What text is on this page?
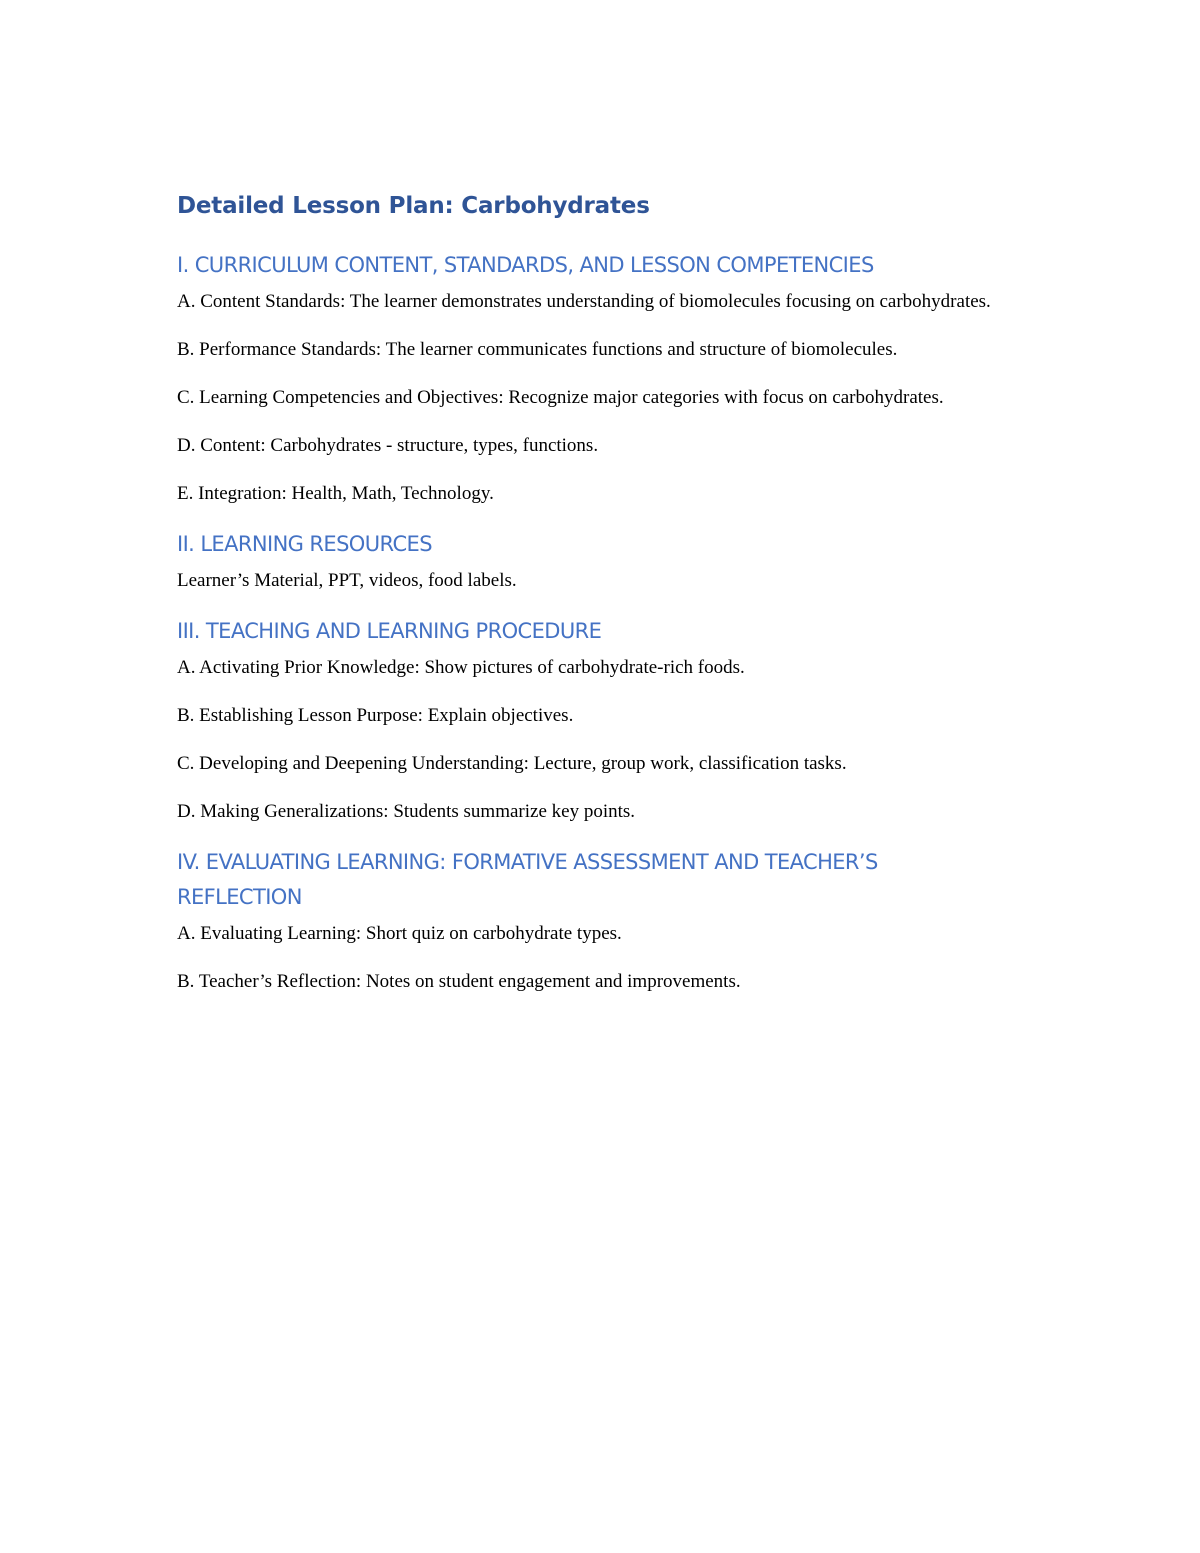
Detailed Lesson Plan: Carbohydrates
I. CURRICULUM CONTENT, STANDARDS, AND LESSON COMPETENCIES

A. Content Standards: The learner demonstrates understanding of biomolecules focusing on carbohydrates.

B. Performance Standards: The learner communicates functions and structure of biomolecules.

C. Learning Competencies and Objectives: Recognize major categories with focus on carbohydrates.

D. Content: Carbohydrates - structure, types, functions.

E. Integration: Health, Math, Technology.

II. LEARNING RESOURCES

Learner’s Material, PPT, videos, food labels.

III. TEACHING AND LEARNING PROCEDURE

A. Activating Prior Knowledge: Show pictures of carbohydrate-rich foods.

B. Establishing Lesson Purpose: Explain objectives.

C. Developing and Deepening Understanding: Lecture, group work, classification tasks.

D. Making Generalizations: Students summarize key points.

IV. EVALUATING LEARNING: FORMATIVE ASSESSMENT AND TEACHER’S REFLECTION

A. Evaluating Learning: Short quiz on carbohydrate types.

B. Teacher’s Reflection: Notes on student engagement and improvements.
